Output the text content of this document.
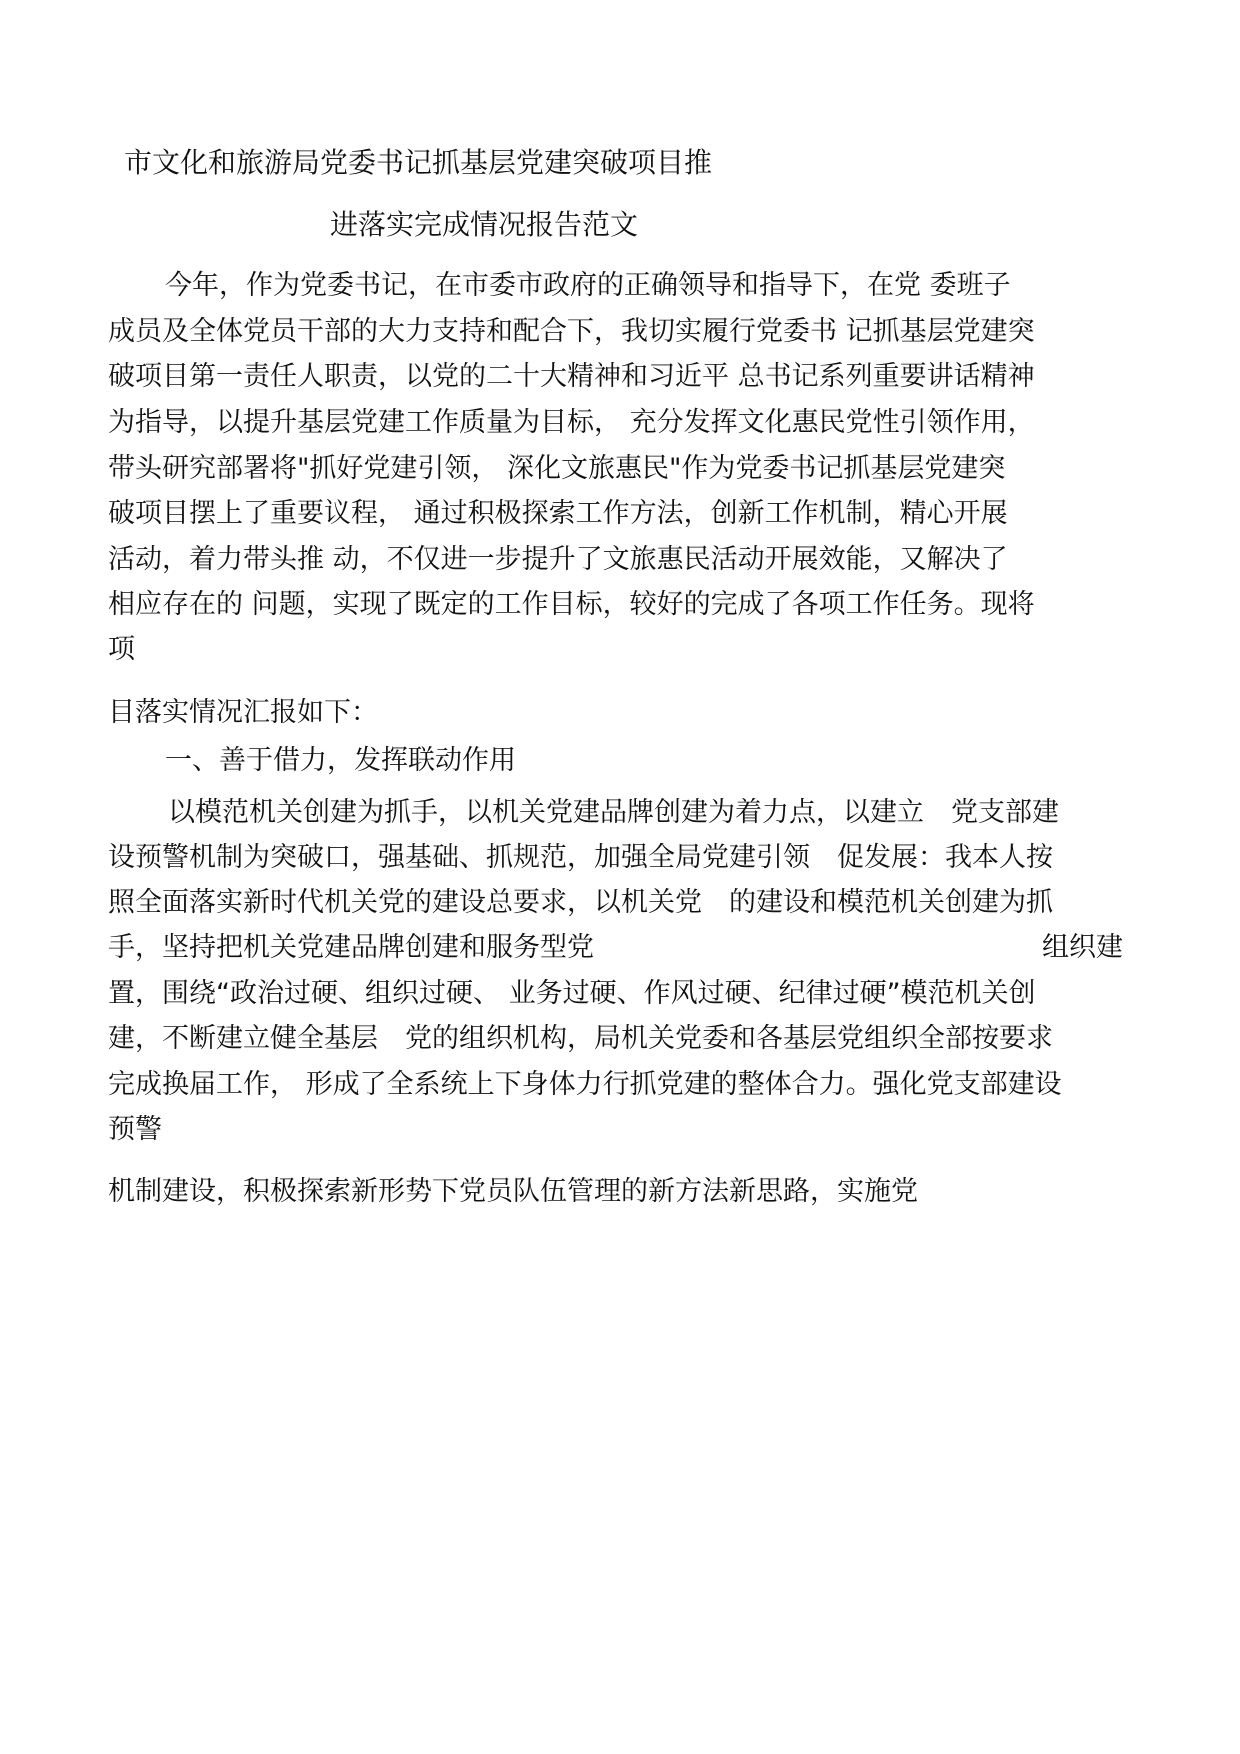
市文化和旅游局党委书记抓基层党建突破项目推
进落实完成情况报告范文
今年，作为党委书记，在市委市政府的正确领导和指导下，在党 委班子
成员及全体党员干部的大力支持和配合下，我切实履行党委书 记抓基层党建突
破项目第一责任人职责，以党的二十大精神和习近平 总书记系列重要讲话精神
为指导，以提升基层党建工作质量为目标， 充分发挥文化惠民党性引领作用，
带头研究部署将"抓好党建引领， 深化文旅惠民"作为党委书记抓基层党建突
破项目摆上了重要议程， 通过积极探索工作方法，创新工作机制，精心开展
活动，着力带头推 动，不仅进一步提升了文旅惠民活动开展效能，又解决了
相应存在的 问题，实现了既定的工作目标，较好的完成了各项工作任务。现将
项
目落实情况汇报如下：
一、善于借力，发挥联动作用
以模范机关创建为抓手，以机关党建品牌创建为着力点，以建立　党支部建
设预警机制为突破口，强基础、抓规范，加强全局党建引领　促发展：我本人按
照全面落实新时代机关党的建设总要求，以机关党　的建设和模范机关创建为抓
手，坚持把机关党建品牌创建和服务型党	组织建
置，围绕“政治过硬、组织过硬、 业务过硬、作风过硬、纪律过硬”模范机关创
建，不断建立健全基层　党的组织机构，局机关党委和各基层党组织全部按要求
完成换届工作， 形成了全系统上下身体力行抓党建的整体合力。强化党支部建设
预警
机制建设，积极探索新形势下党员队伍管理的新方法新思路，实施党
